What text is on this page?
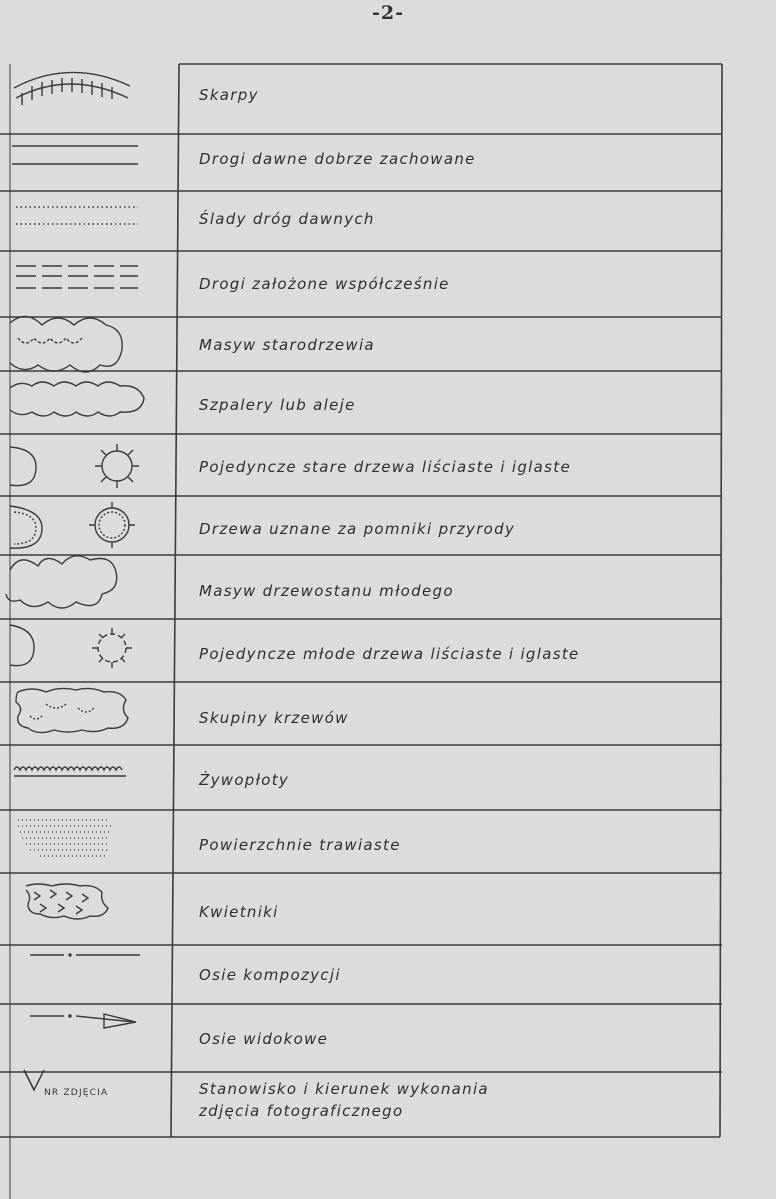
-2-
Skarpy
Drogi dawne dobrze zachowane
Ślady dróg dawnych
Drogi założone współcześnie
Masyw starodrzewia
Szpalery lub aleje
Pojedyncze stare drzewa liściaste i iglaste
Drzewa uznane za pomniki przyrody
Masyw drzewostanu młodego
Pojedyncze młode drzewa liściaste i iglaste
Skupiny krzewów
Żywopłoty
Powierzchnie trawiaste
Kwietniki
Osie kompozycji
Osie widokowe
Stanowisko i kierunek wykonania
zdjęcia fotograficznego
NR ZDJĘCIA
